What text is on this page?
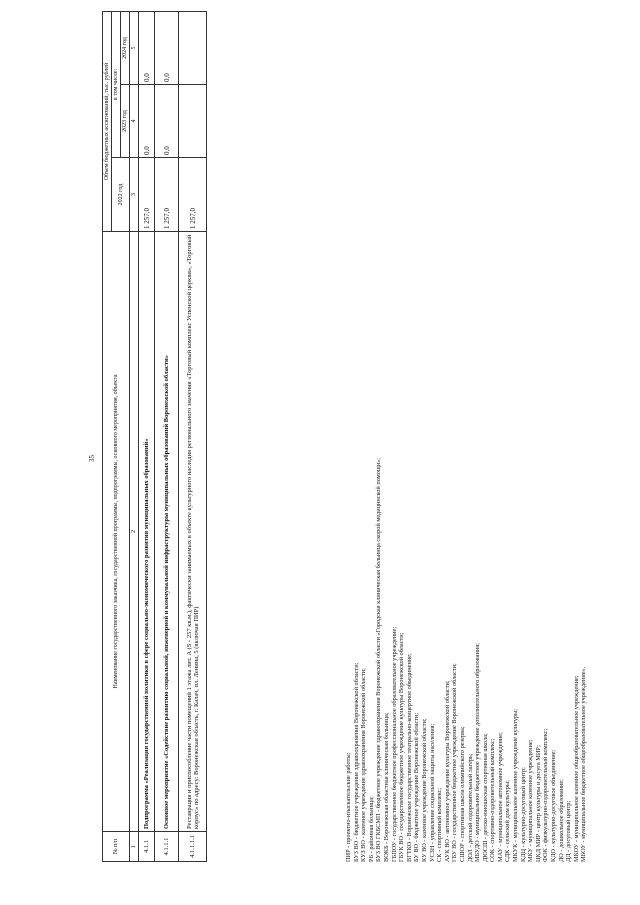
35
№ п/п	Наименование государственного заказчика, государственной программы, подпрограммы, основного мероприятия, объекта	Объем бюджетных ассигнований, тыс. рублей		
		2022 год	в том числе:	
			2023 год	2024 год
1	2	3	4	5
4.1.1	Подпрограмма «Реализация государственной политики в сфере социально-экономического развития муниципальных образований»	1 257,0	0,0	0,0
4.1.1.1	Основное мероприятие «Содействие развитию социальной, инженерной и коммунальной инфраструктуры муниципальных образований Воронежской области»	1 257,0	0,0	0,0
4.1.1.1.1	Реставрация и приспособление части помещений 1 этажа лит. А (S - 257 кв.м.), фактически занимаемых в объекте культурного наследия регионального значения «Торговый комплекс Успенской церкви», «Торговый корпус» по адресу: Воронежская область, г. Калач, пл. Ленина, 5 (включая ПИР)	1 257,0		
ПИР - проектно-изыскательские работы; БУЗ ВО - бюджетное учреждение здравоохранения Воронежской области; КУЗ ВО - казенное учреждение здравоохранения Воронежской области; РБ - районная больница; БУЗ ВО ГКБСМП - бюджетное учреждение здравоохранения Воронежской области «Городская клиническая больница скорой медицинской помощи»; ВОКБ - Воронежская областная клиническая больница; ГБПОУ - государственное бюджетное профессиональное образовательное учреждение; ГБУК ВО - государственное бюджетное учреждение культуры Воронежской области; ВГТКО - Воронежское государственное театрально-концертное объединение; БУ ВО - бюджетное учреждение Воронежской области; КУ ВО - казенное учреждение Воронежской области; УСЗН - управление социальной защиты населения; СК - спортивный комплекс; АУК ВО - автономное учреждение культуры Воронежской области; ГБУ ВО - государственное бюджетное учреждение Воронежской области; СШОР - спортивная школа олимпийского резерва; ДОЛ - детский оздоровительный лагерь; МБУДО - муниципальное бюджетное учреждение дополнительного образования; ДЮСШ - детско-юношеская спортивная школа; СОК - спортивно-оздоровительный комплекс; МАУ - муниципальное автономное учреждение; СДК - сельский дом культуры; МКУК - муниципальное казенное учреждение культуры; КДЦ - культурно-досуговый центр; МКУ - муниципальное казенное учреждение; ЦКД МИР - центр культуры и досуга МИР; ФОК - физкультурно-оздоровительный комплекс; КДО - культурно-досуговое объединение; ДО - дошкольное образование; ДД - досуговый центр; МКОУ - муниципальное казенное общеобразовательное учреждение; МБОУ - муниципальное бюджетное общеобразовательное учреждение».
